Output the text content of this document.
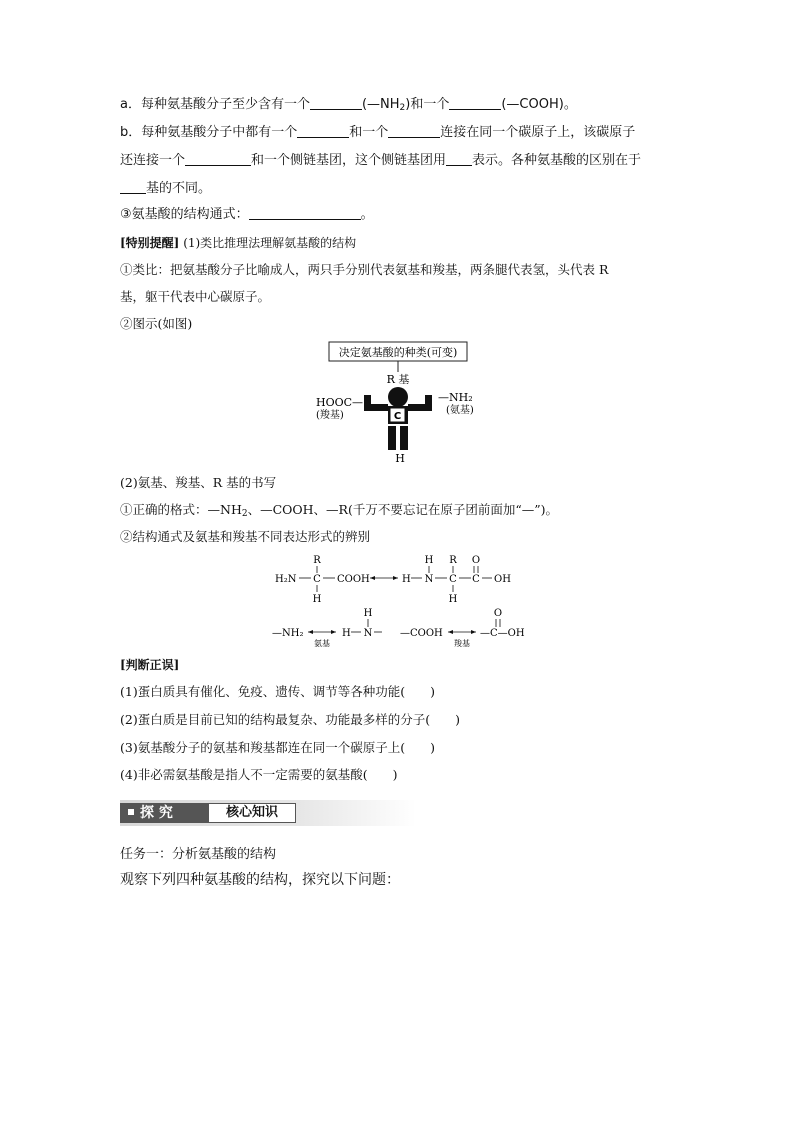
a．每种氨基酸分子至少含有一个	$(—NH_2)$和一个	(—COOH)。
b．每种氨基酸分子中都有一个	和一个	连接在同一个碳原子上，该碳原子
还连接一个	和一个侧链基团，这个侧链基团用 表示。各种氨基酸的区别在于
基的不同。
③氨基酸的结构通式：	。
[特别提醒] (1)类比推理法理解氨基酸的结构
①类比：把氨基酸分子比喻成人，两只手分别代表氨基和羧基，两条腿代表氢，头代表 R
基，躯干代表中心碳原子。
②图示(如图)
决定氨基酸的种类(可变)
R 基
C
H
HOOC—
(羧基)
—NH₂
(氨基)
(2)氨基、羧基、R 基的书写
①正确的格式：$—NH_2$、—COOH、—R(千万不要忘记在原子团前面加“—”)。
②结构通式及氨基和羧基不同表达形式的辨别
R
H₂N C COOH
H
H
H
N
R
C
H
O
C OH
—NH₂
氨基
H
H
N	—COOH
羧基
O
—C—OH
[判断正误]
(1)蛋白质具有催化、免疫、遗传、调节等各种功能(　　)
(2)蛋白质是目前已知的结构最复杂、功能最多样的分子(　　)
(3)氨基酸分子的氨基和羧基都连在同一个碳原子上(　　)
(4)非必需氨基酸是指人不一定需要的氨基酸(　　)
探 究	核心知识
任务一：分析氨基酸的结构
观察下列四种氨基酸的结构，探究以下问题：
